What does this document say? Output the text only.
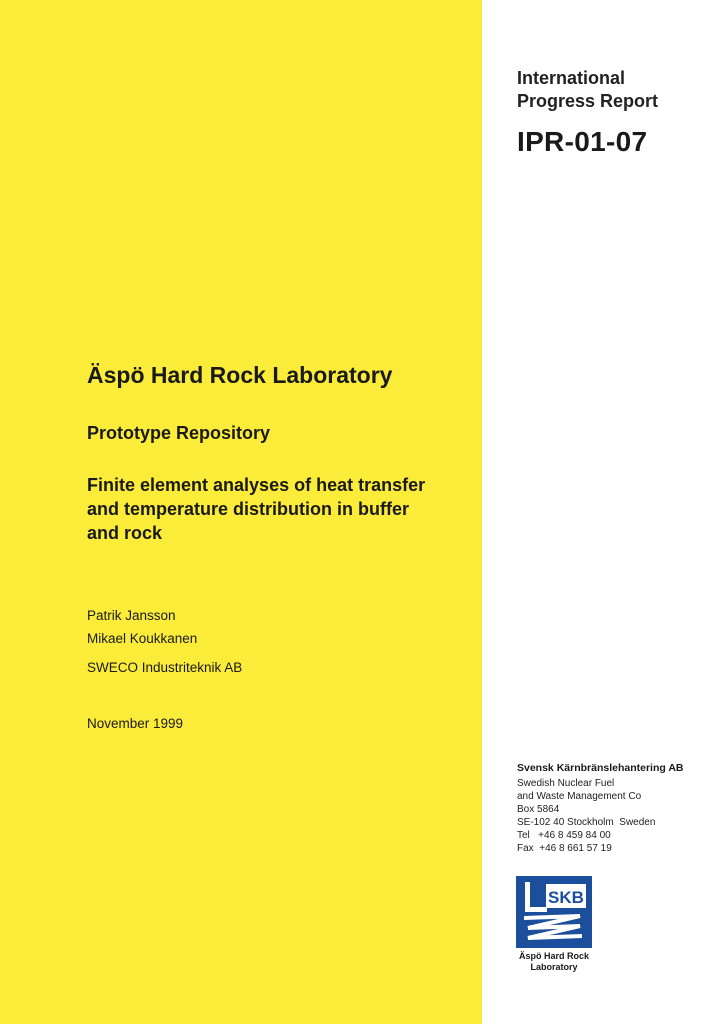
International
Progress Report
IPR-01-07
Äspö Hard Rock Laboratory
Prototype Repository
Finite element analyses of heat transfer
and temperature distribution in buffer
and rock
Patrik Jansson
Mikael Koukkanen
SWECO Industriteknik AB
November 1999
Svensk Kärnbränslehantering AB
Swedish Nuclear Fuel
and Waste Management Co
Box 5864
SE-102 40 Stockholm  Sweden
Tel   +46 8 459 84 00
Fax  +46 8 661 57 19
SKB
Äspö Hard Rock
Laboratory
